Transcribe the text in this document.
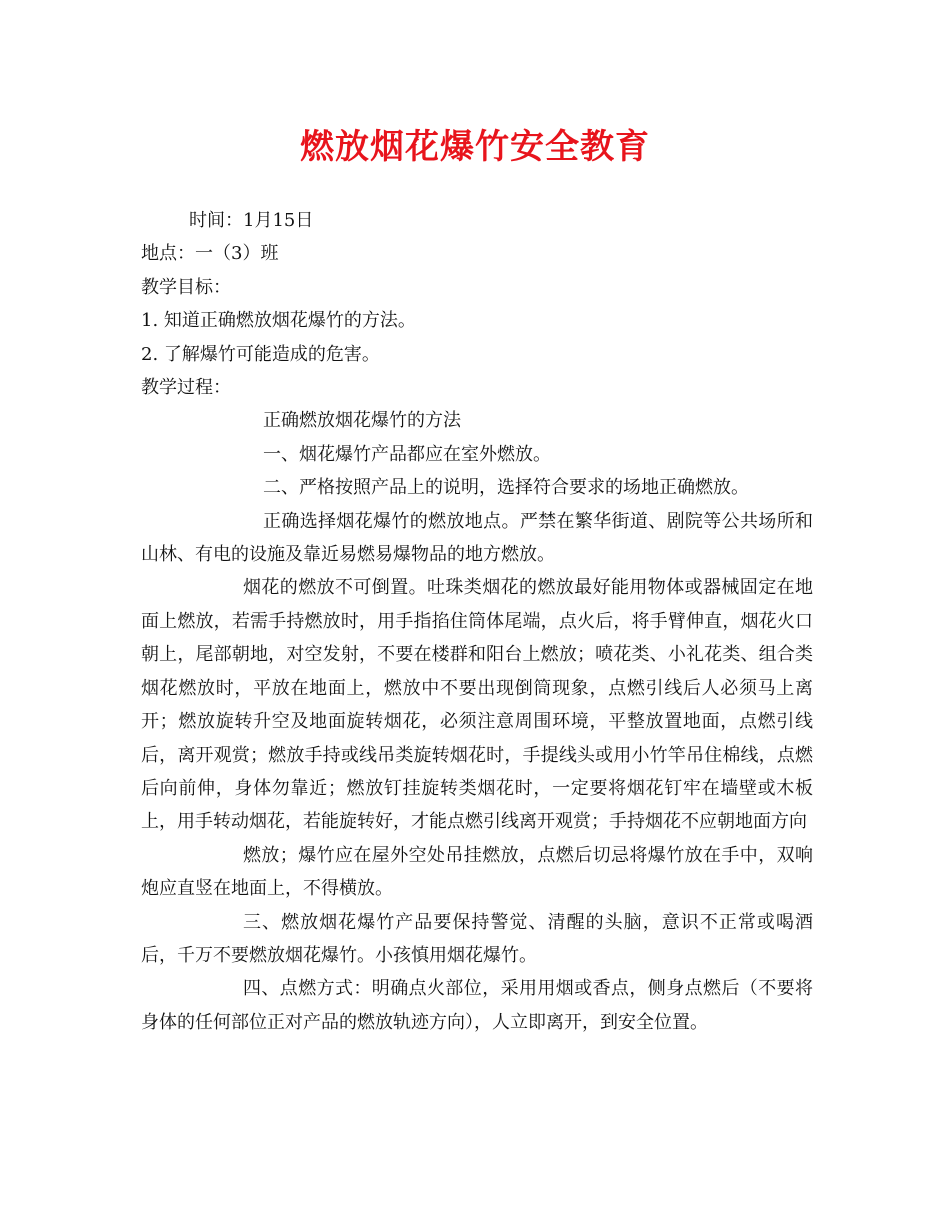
燃放烟花爆竹安全教育

时间：1月15日

地点：一（3）班

教学目标：

1. 知道正确燃放烟花爆竹的方法。

2. 了解爆竹可能造成的危害。

教学过程：

正确燃放烟花爆竹的方法

一、烟花爆竹产品都应在室外燃放。

二、严格按照产品上的说明，选择符合要求的场地正确燃放。

正确选择烟花爆竹的燃放地点。严禁在繁华街道、剧院等公共场所和山林、有电的设施及靠近易燃易爆物品的地方燃放。

烟花的燃放不可倒置。吐珠类烟花的燃放最好能用物体或器械固定在地面上燃放，若需手持燃放时，用手指掐住筒体尾端，点火后，将手臂伸直，烟花火口朝上，尾部朝地，对空发射，不要在楼群和阳台上燃放；喷花类、小礼花类、组合类烟花燃放时，平放在地面上，燃放中不要出现倒筒现象，点燃引线后人必须马上离开；燃放旋转升空及地面旋转烟花，必须注意周围环境，平整放置地面，点燃引线后，离开观赏；燃放手持或线吊类旋转烟花时，手提线头或用小竹竿吊住棉线，点燃后向前伸，身体勿靠近；燃放钉挂旋转类烟花时，一定要将烟花钉牢在墙壁或木板上，用手转动烟花，若能旋转好，才能点燃引线离开观赏；手持烟花不应朝地面方向

燃放；爆竹应在屋外空处吊挂燃放，点燃后切忌将爆竹放在手中，双响炮应直竖在地面上，不得横放。

三、燃放烟花爆竹产品要保持警觉、清醒的头脑，意识不正常或喝酒后，千万不要燃放烟花爆竹。小孩慎用烟花爆竹。

四、点燃方式：明确点火部位，采用用烟或香点，侧身点燃后（不要将身体的任何部位正对产品的燃放轨迹方向），人立即离开，到安全位置。
